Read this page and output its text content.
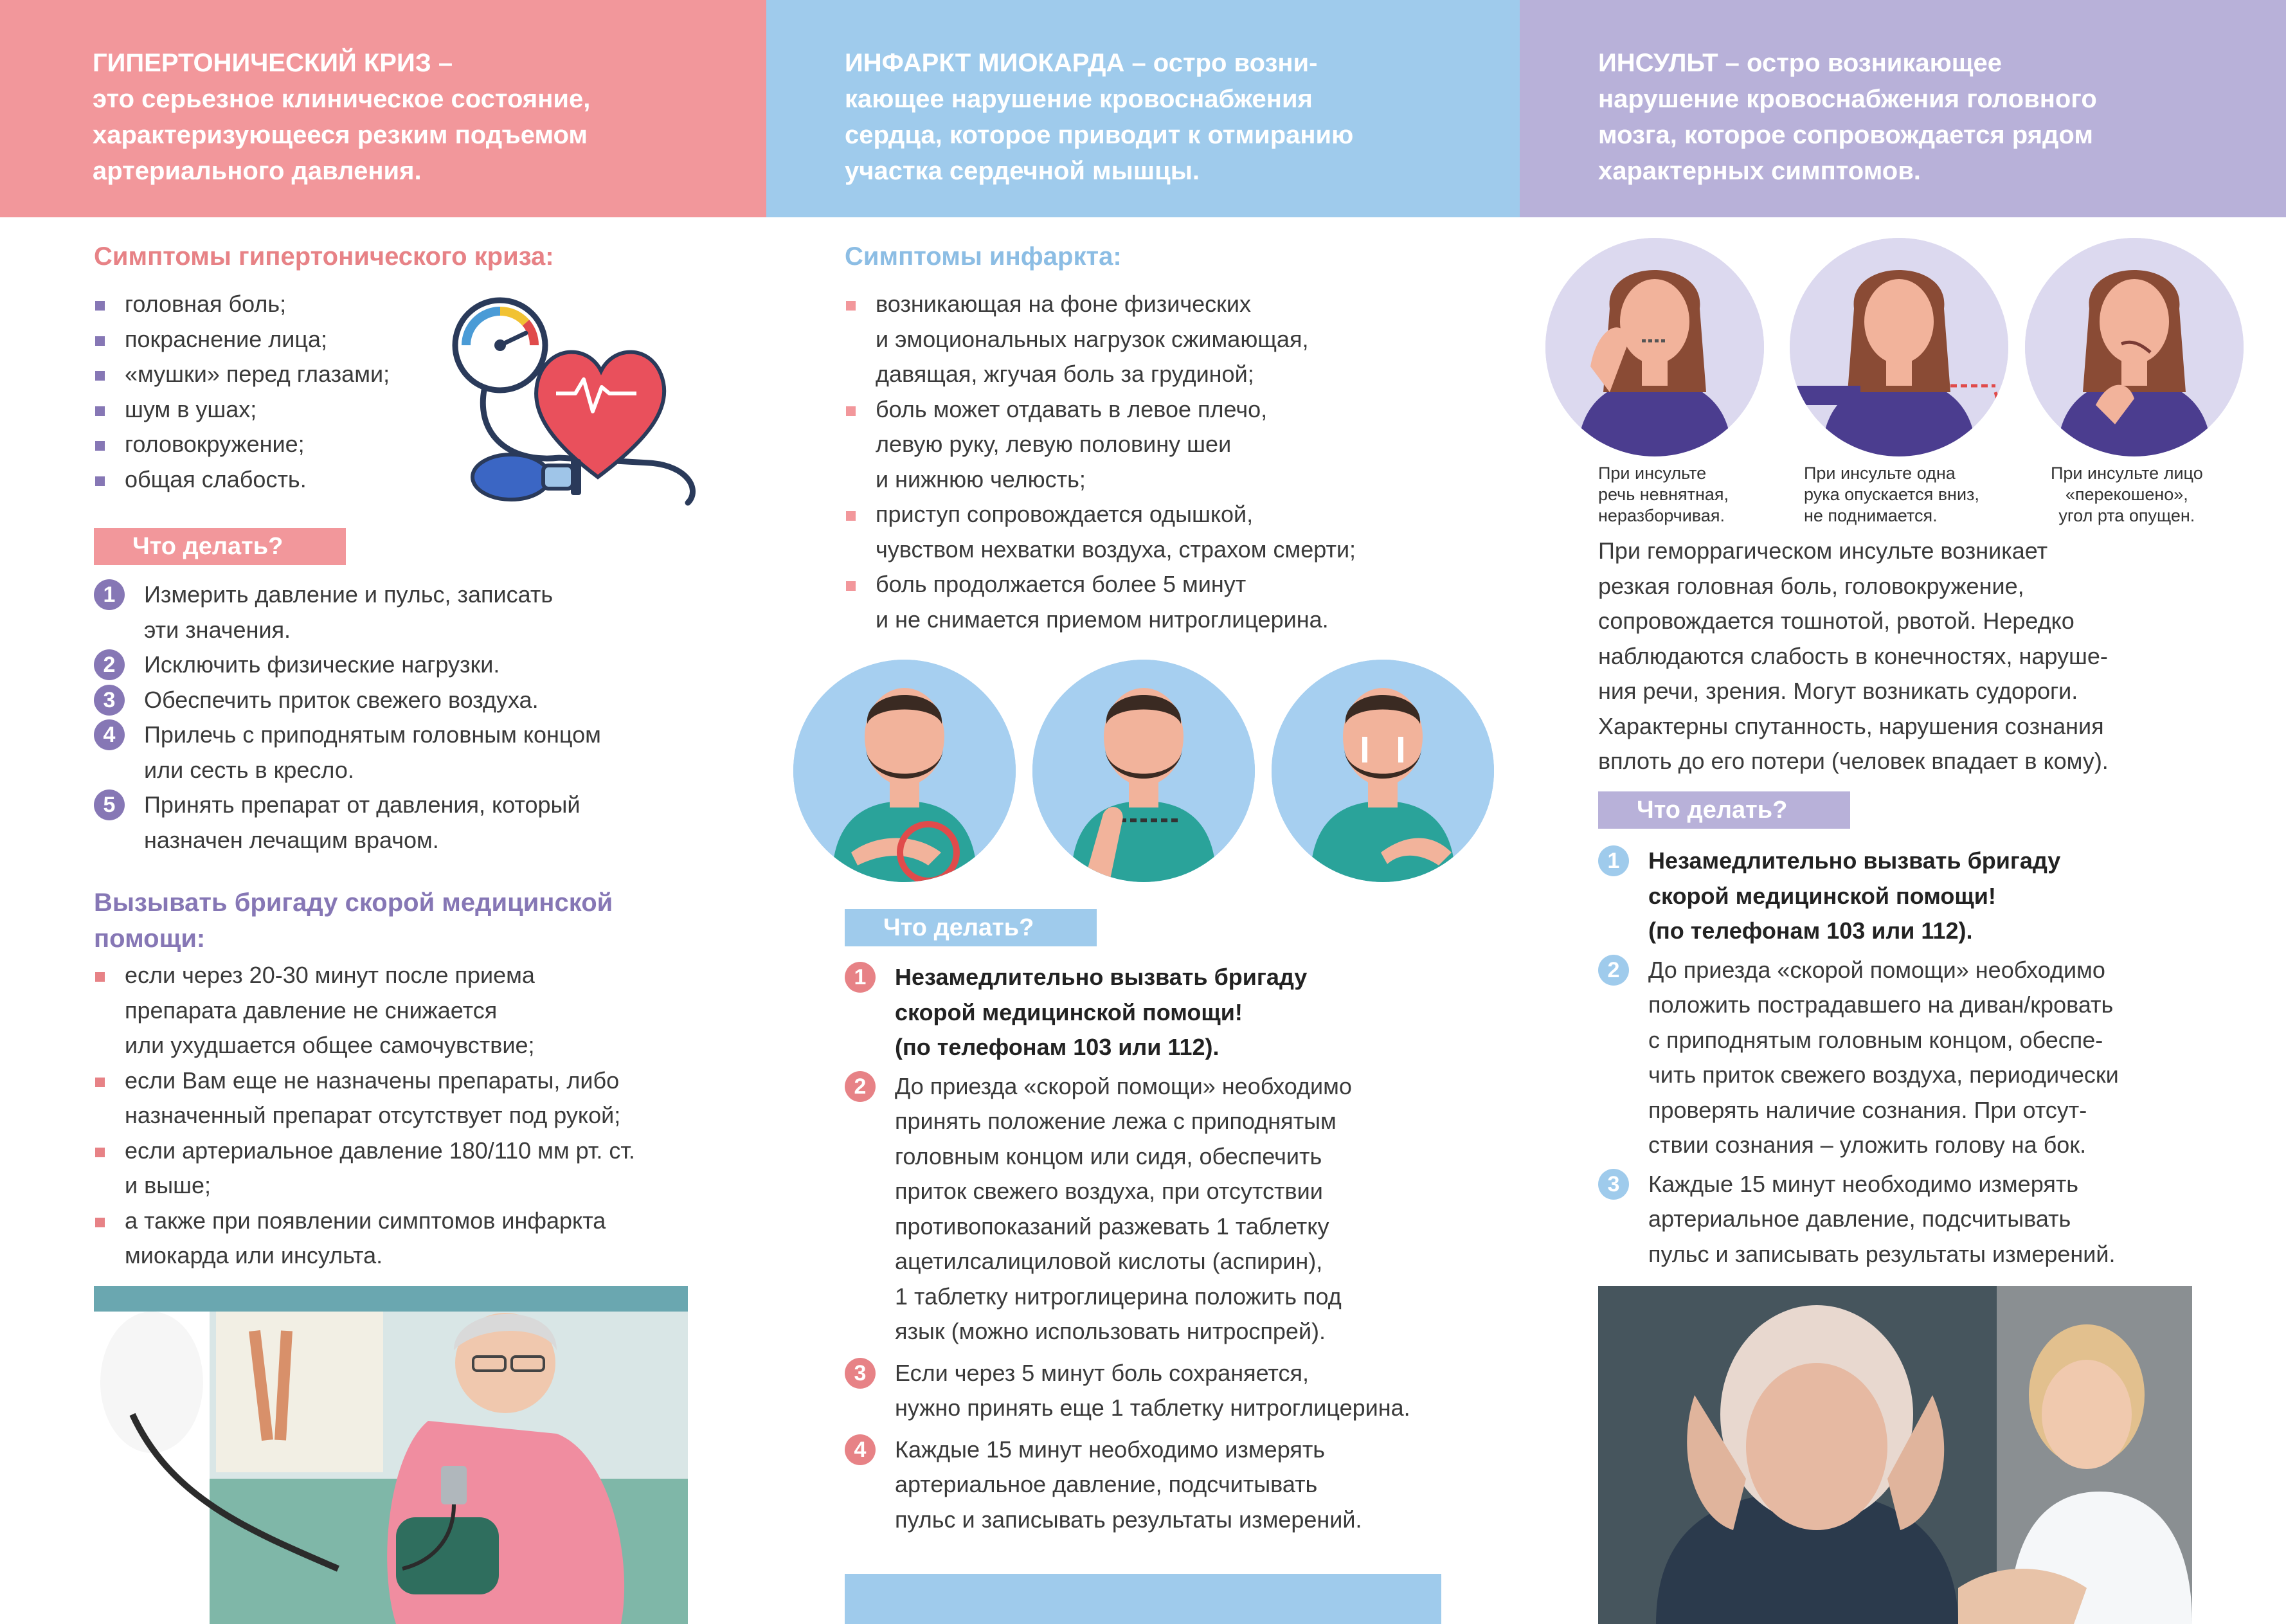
ГИПЕРТОНИЧЕСКИЙ КРИЗ –
это серьезное клиническое состояние,
характеризующееся резким подъемом
артериального давления.
Симптомы гипертонического криза:
головная боль;
покраснение лица;
«мушки» перед глазами;
шум в ушах;
головокружение;
общая слабость.
Что делать?
1	Измерить давление и пульс, записать
эти значения.
2	Исключить физические нагрузки.
3	Обеспечить приток свежего воздуха.
4	Прилечь с приподнятым головным концом
или сесть в кресло.
5	Принять препарат от давления, который
назначен лечащим врачом.
Вызывать бригаду скорой медицинской
помощи:
если через 20-30 минут после приема
препарата давление не снижается
или ухудшается общее самочувствие;
если Вам еще не назначены препараты, либо
назначенный препарат отсутствует под рукой;
если артериальное давление 180/110 мм рт. ст.
и выше;
а также при появлении симптомов инфаркта
миокарда или инсульта.
ИНФАРКТ МИОКАРДА – остро возни-
кающее нарушение кровоснабжения
сердца, которое приводит к отмиранию
участка сердечной мышцы.
Симптомы инфаркта:
возникающая на фоне физических
и эмоциональных нагрузок сжимающая,
давящая, жгучая боль за грудиной;
боль может отдавать в левое плечо,
левую руку, левую половину шеи
и нижнюю челюсть;
приступ сопровождается одышкой,
чувством нехватки воздуха, страхом смерти;
боль продолжается более 5 минут
и не снимается приемом нитроглицерина.
Что делать?
1	Незамедлительно вызвать бригаду
скорой медицинской помощи!
(по телефонам 103 или 112).
2	До приезда «скорой помощи» необходимо
принять положение лежа с приподнятым
головным концом или сидя, обеспечить
приток свежего воздуха, при отсутствии
противопоказаний разжевать 1 таблетку
ацетилсалициловой кислоты (аспирин),
1 таблетку нитроглицерина положить под
язык (можно использовать нитроспрей).
3	Если через 5 минут боль сохраняется,
нужно принять еще 1 таблетку нитроглицерина.
4	Каждые 15 минут необходимо измерять
артериальное давление, подсчитывать
пульс и записывать результаты измерений.
ИНСУЛЬТ – остро возникающее
нарушение кровоснабжения головного
мозга, которое сопровождается рядом
характерных симптомов.
При инсульте
речь невнятная,
неразборчивая.
При инсульте одна
рука опускается вниз,
не поднимается.
При инсульте лицо
«перекошено»,
угол рта опущен.
При геморрагическом инсульте возникает
резкая головная боль, головокружение,
сопровождается тошнотой, рвотой. Нередко
наблюдаются слабость в конечностях, наруше-
ния речи, зрения. Могут возникать судороги.
Характерны спутанность, нарушения сознания
вплоть до его потери (человек впадает в кому).
Что делать?
1	Незамедлительно вызвать бригаду
скорой медицинской помощи!
(по телефонам 103 или 112).
2	До приезда «скорой помощи» необходимо
положить пострадавшего на диван/кровать
с приподнятым головным концом, обеспе-
чить приток свежего воздуха, периодически
проверять наличие сознания. При отсут-
ствии сознания – уложить голову на бок.
3	Каждые 15 минут необходимо измерять
артериальное давление, подсчитывать
пульс и записывать результаты измерений.
